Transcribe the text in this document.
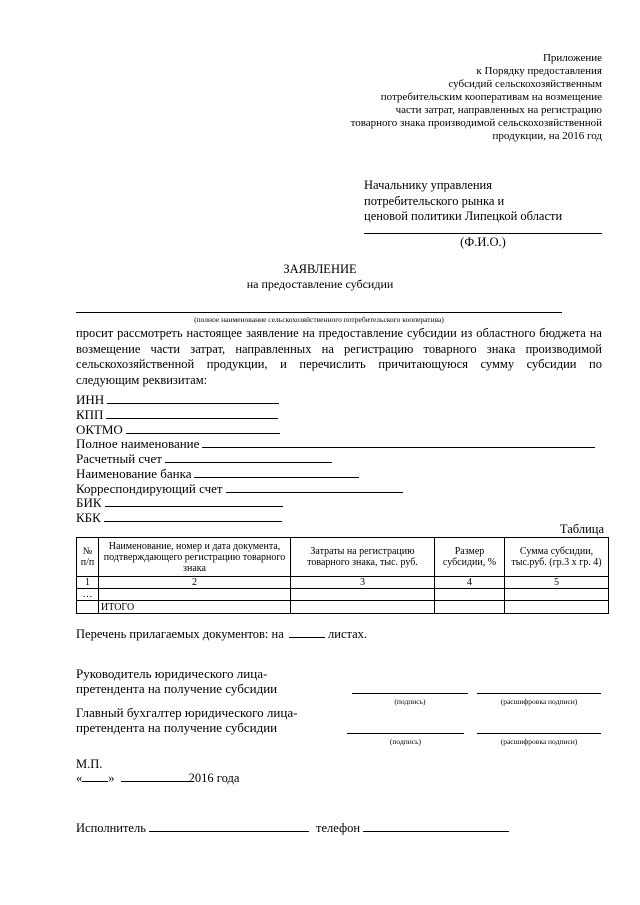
Приложение
к Порядку предоставления
субсидий сельскохозяйственным
потребительским кооперативам на возмещение
части затрат, направленных на регистрацию
товарного знака производимой сельскохозяйственной
продукции, на 2016 год
Начальнику управления
потребительского рынка и
ценовой политики Липецкой области
(Ф.И.О.)
ЗАЯВЛЕНИЕ
на предоставление субсидии
(полное наименование сельскохозяйственного потребительского кооператива)
просит рассмотреть настоящее заявление на предоставление субсидии из областного бюджета на возмещение части затрат, направленных на регистрацию товарного знака производимой сельскохозяйственной продукции, и перечислить причитающуюся сумму субсидии по следующим реквизитам:
ИНН
КПП
ОКТМО
Полное наименование
Расчетный счет
Наименование банка
Корреспондирующий счет
БИК
КБК
Таблица
№ п/п	Наименование, номер и дата документа, подтверждающего регистрацию товарного знака	Затраты на регистрацию товарного знака, тыс. руб.	Размер субсидии, %	Сумма субсидии, тыс.руб. (гр.3 х гр. 4)
1	2	3	4	5
…				
	ИТОГО			
Перечень прилагаемых документов: на	листах.
Руководитель юридического лица-
претендента на получение субсидии
(подпись)	(расшифровка подписи)
Главный бухгалтер юридического лица-
претендента на получение субсидии
(подпись)	(расшифровка подписи)
М.П.
« »	2016 года
Исполнитель	телефон
